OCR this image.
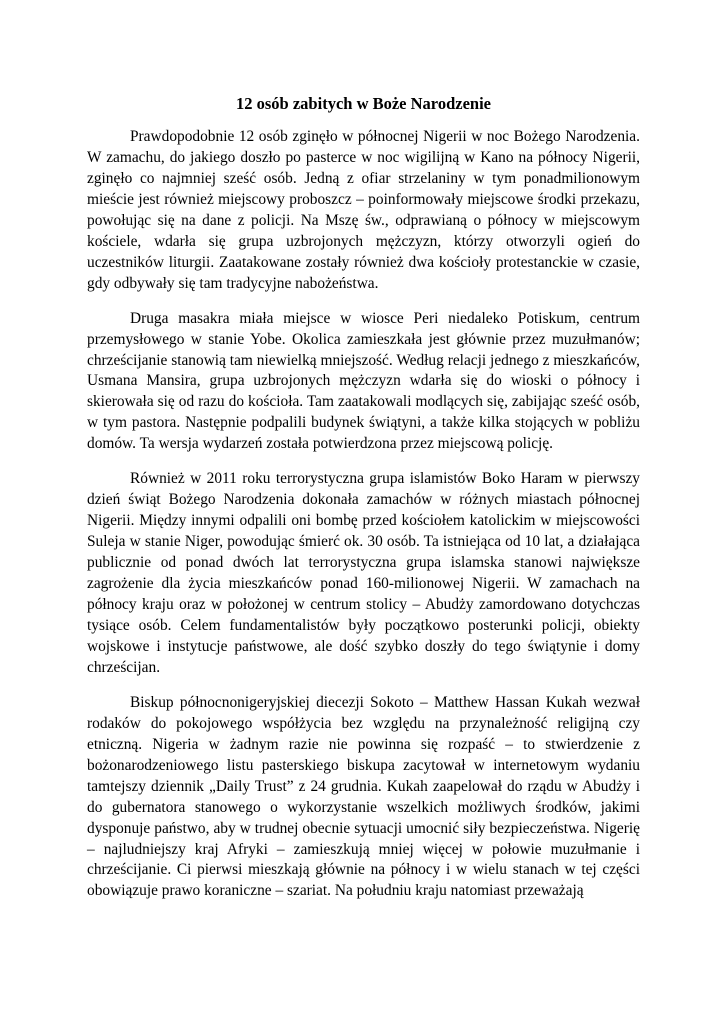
12 osób zabitych w Boże Narodzenie

Prawdopodobnie 12 osób zginęło w północnej Nigerii w noc Bożego Narodzenia. W zamachu, do jakiego doszło po pasterce w noc wigilijną w Kano na północy Nigerii, zginęło co najmniej sześć osób. Jedną z ofiar strzelaniny w tym ponadmilionowym mieście jest również miejscowy proboszcz – poinformowały miejscowe środki przekazu, powołując się na dane z policji. Na Mszę św., odprawianą o północy w miejscowym kościele, wdarła się grupa uzbrojonych mężczyzn, którzy otworzyli ogień do uczestników liturgii. Zaatakowane zostały również dwa kościoły protestanckie w czasie, gdy odbywały się tam tradycyjne nabożeństwa.

Druga masakra miała miejsce w wiosce Peri niedaleko Potiskum, centrum przemysłowego w stanie Yobe. Okolica zamieszkała jest głównie przez muzułmanów; chrześcijanie stanowią tam niewielką mniejszość. Według relacji jednego z mieszkańców, Usmana Mansira, grupa uzbrojonych mężczyzn wdarła się do wioski o północy i skierowała się od razu do kościoła. Tam zaatakowali modlących się, zabijając sześć osób, w tym pastora. Następnie podpalili budynek świątyni, a także kilka stojących w pobliżu domów. Ta wersja wydarzeń została potwierdzona przez miejscową policję.

Również w 2011 roku terrorystyczna grupa islamistów Boko Haram w pierwszy dzień świąt Bożego Narodzenia dokonała zamachów w różnych miastach północnej Nigerii. Między innymi odpalili oni bombę przed kościołem katolickim w miejscowości Suleja w stanie Niger, powodując śmierć ok. 30 osób. Ta istniejąca od 10 lat, a działająca publicznie od ponad dwóch lat terrorystyczna grupa islamska stanowi największe zagrożenie dla życia mieszkańców ponad 160-milionowej Nigerii. W zamachach na północy kraju oraz w położonej w centrum stolicy – Abudży zamordowano dotychczas tysiące osób. Celem fundamentalistów były początkowo posterunki policji, obiekty wojskowe i instytucje państwowe, ale dość szybko doszły do tego świątynie i domy chrześcijan.

Biskup północnonigeryjskiej diecezji Sokoto – Matthew Hassan Kukah wezwał rodaków do pokojowego współżycia bez względu na przynależność religijną czy etniczną. Nigeria w żadnym razie nie powinna się rozpaść – to stwierdzenie z bożonarodzeniowego listu pasterskiego biskupa zacytował w internetowym wydaniu tamtejszy dziennik „Daily Trust” z 24 grudnia. Kukah zaapelował do rządu w Abudży i do gubernatora stanowego o wykorzystanie wszelkich możliwych środków, jakimi dysponuje państwo, aby w trudnej obecnie sytuacji umocnić siły bezpieczeństwa. Nigerię – najludniejszy kraj Afryki – zamieszkują mniej więcej w połowie muzułmanie i chrześcijanie. Ci pierwsi mieszkają głównie na północy i w wielu stanach w tej części obowiązuje prawo koraniczne – szariat. Na południu kraju natomiast przeważają
